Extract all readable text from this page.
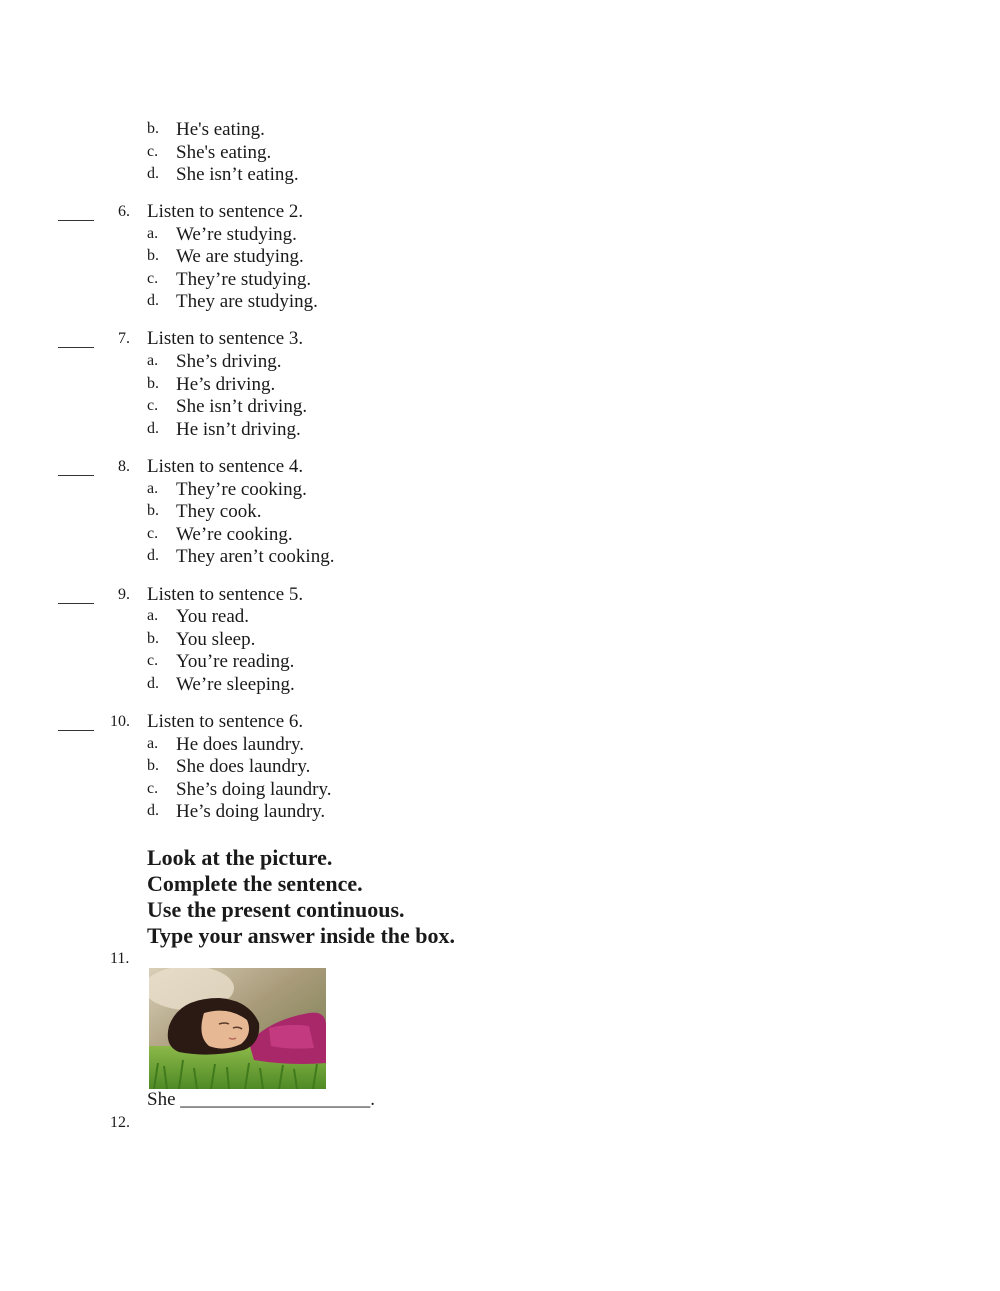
b. He's eating.
c. She's eating.
d. She isn’t eating.
6. Listen to sentence 2.
a. We’re studying.
b. We are studying.
c. They’re studying.
d. They are studying.
7. Listen to sentence 3.
a. She’s driving.
b. He’s driving.
c. She isn’t driving.
d. He isn’t driving.
8. Listen to sentence 4.
a. They’re cooking.
b. They cook.
c. We’re cooking.
d. They aren’t cooking.
9. Listen to sentence 5.
a. You read.
b. You sleep.
c. You’re reading.
d. We’re sleeping.
10. Listen to sentence 6.
a. He does laundry.
b. She does laundry.
c. She’s doing laundry.
d. He’s doing laundry.
Look at the picture.
Complete the sentence.
Use the present continuous.
Type your answer inside the box.
11.
She ____________________.
12.
